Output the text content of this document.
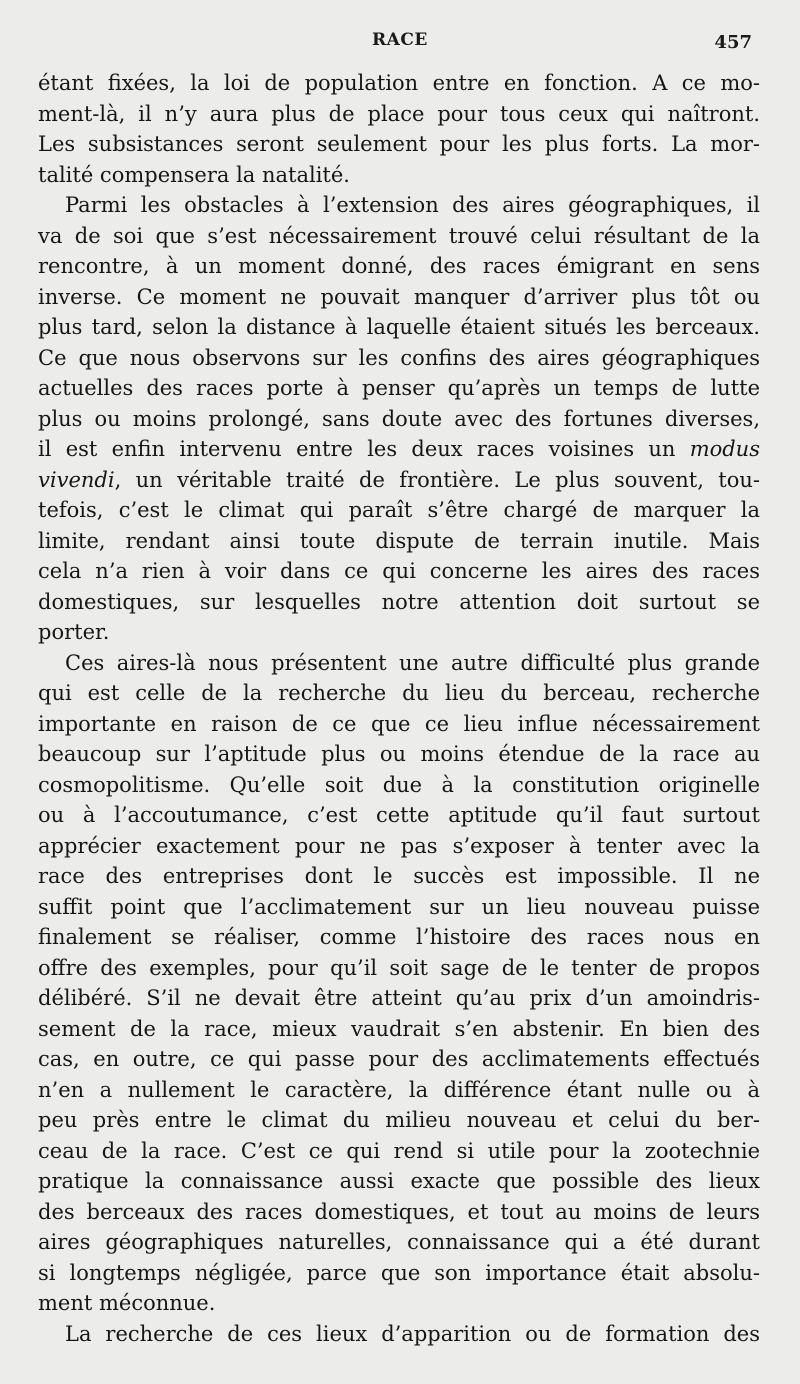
RACE	457
étant fixées, la loi de population entre en fonction. A ce mo-
ment-là, il n’y aura plus de place pour tous ceux qui naîtront.
Les subsistances seront seulement pour les plus forts. La mor-
talité compensera la natalité.
Parmi les obstacles à l’extension des aires géographiques, il
va de soi que s’est nécessairement trouvé celui résultant de la
rencontre, à un moment donné, des races émigrant en sens
inverse. Ce moment ne pouvait manquer d’arriver plus tôt ou
plus tard, selon la distance à laquelle étaient situés les berceaux.
Ce que nous observons sur les confins des aires géographiques
actuelles des races porte à penser qu’après un temps de lutte
plus ou moins prolongé, sans doute avec des fortunes diverses,
il est enfin intervenu entre les deux races voisines un modus
vivendi, un véritable traité de frontière. Le plus souvent, tou-
tefois, c’est le climat qui paraît s’être chargé de marquer la
limite, rendant ainsi toute dispute de terrain inutile. Mais
cela n’a rien à voir dans ce qui concerne les aires des races
domestiques, sur lesquelles notre attention doit surtout se
porter.
Ces aires-là nous présentent une autre difficulté plus grande
qui est celle de la recherche du lieu du berceau, recherche
importante en raison de ce que ce lieu influe nécessairement
beaucoup sur l’aptitude plus ou moins étendue de la race au
cosmopolitisme. Qu’elle soit due à la constitution originelle
ou à l’accoutumance, c’est cette aptitude qu’il faut surtout
apprécier exactement pour ne pas s’exposer à tenter avec la
race des entreprises dont le succès est impossible. Il ne
suffit point que l’acclimatement sur un lieu nouveau puisse
finalement se réaliser, comme l’histoire des races nous en
offre des exemples, pour qu’il soit sage de le tenter de propos
délibéré. S’il ne devait être atteint qu’au prix d’un amoindris-
sement de la race, mieux vaudrait s’en abstenir. En bien des
cas, en outre, ce qui passe pour des acclimatements effectués
n’en a nullement le caractère, la différence étant nulle ou à
peu près entre le climat du milieu nouveau et celui du ber-
ceau de la race. C’est ce qui rend si utile pour la zootechnie
pratique la connaissance aussi exacte que possible des lieux
des berceaux des races domestiques, et tout au moins de leurs
aires géographiques naturelles, connaissance qui a été durant
si longtemps négligée, parce que son importance était absolu-
ment méconnue.
La recherche de ces lieux d’apparition ou de formation des
